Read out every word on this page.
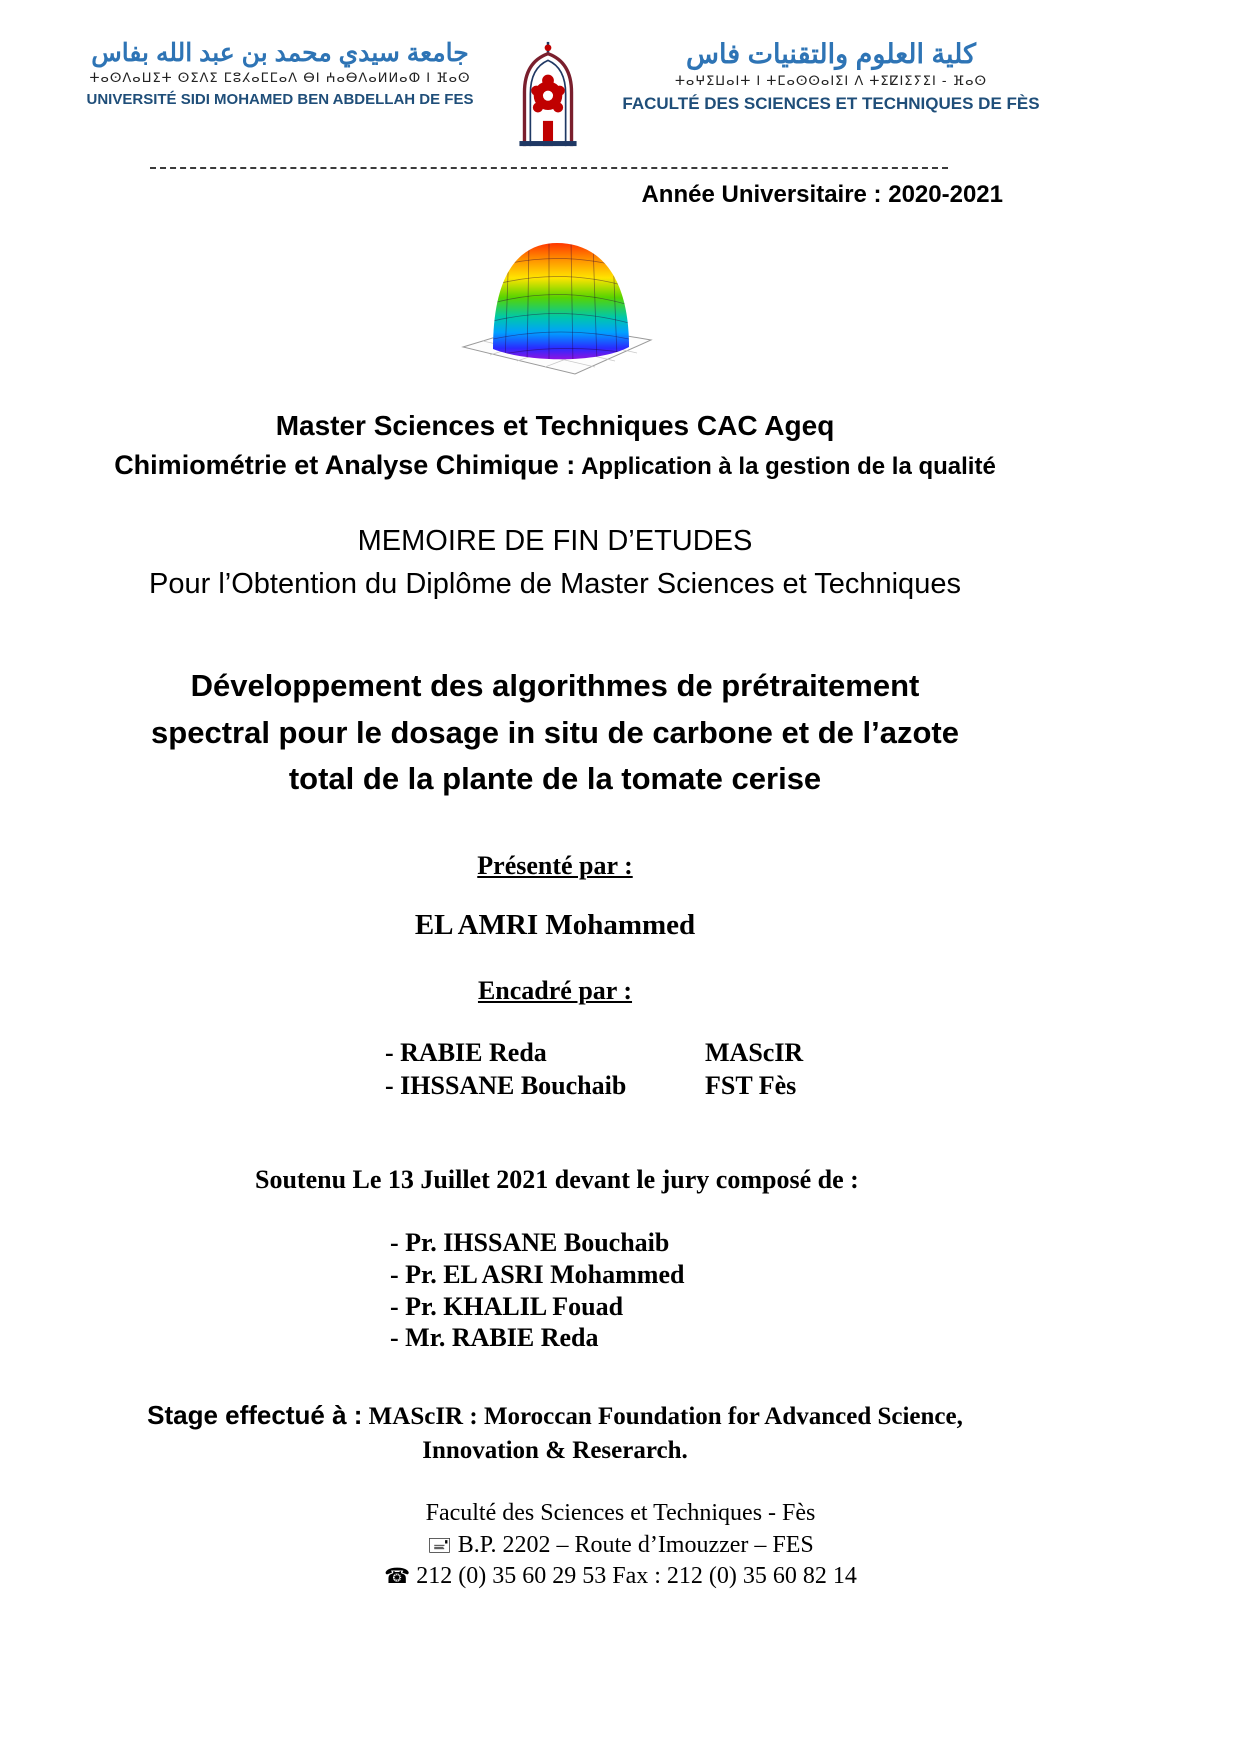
جامعة سيدي محمد بن عبد الله بفاس
ⵜⴰⵙⴷⴰⵡⵉⵜ ⵙⵉⴷⵉ ⵎⵓⵃⴰⵎⵎⴰⴷ ⴱⵏ ⵄⴰⴱⴷⴰⵍⵍⴰⵀ ⵏ ⴼⴰⵙ
UNIVERSITÉ SIDI MOHAMED BEN ABDELLAH DE FES
كلية العلوم والتقنيات فاس
ⵜⴰⵖⵉⵡⴰⵏⵜ ⵏ ⵜⵎⴰⵙⵙⴰⵏⵉⵏ ⴷ ⵜⵉⵇⵏⵉⵢⵉⵏ - ⴼⴰⵙ
FACULTÉ DES SCIENCES ET TECHNIQUES DE FÈS
Année Universitaire : 2020-2021
Master Sciences et Techniques CAC Ageq
Chimiométrie et Analyse Chimique : Application à la gestion de la qualité
MEMOIRE DE FIN D’ETUDES
Pour l’Obtention du Diplôme de Master Sciences et Techniques
Développement des algorithmes de prétraitement
spectral pour le dosage in situ de carbone et de l’azote
total de la plante de la tomate cerise
Présenté par :
EL AMRI Mohammed
Encadré par :
- RABIE Reda	MAScIR
- IHSSANE Bouchaib	FST Fès
Soutenu Le 13 Juillet 2021 devant le jury composé de :
- Pr. IHSSANE Bouchaib
- Pr. EL ASRI Mohammed
- Pr. KHALIL Fouad
- Mr. RABIE Reda
Stage effectué à : MAScIR : Moroccan Foundation for Advanced Science, Innovation & Reserarch.
Faculté des Sciences et Techniques - Fès
🖃 B.P. 2202 – Route d’Imouzzer – FES
☎ 212 (0) 35 60 29 53 Fax : 212 (0) 35 60 82 14
